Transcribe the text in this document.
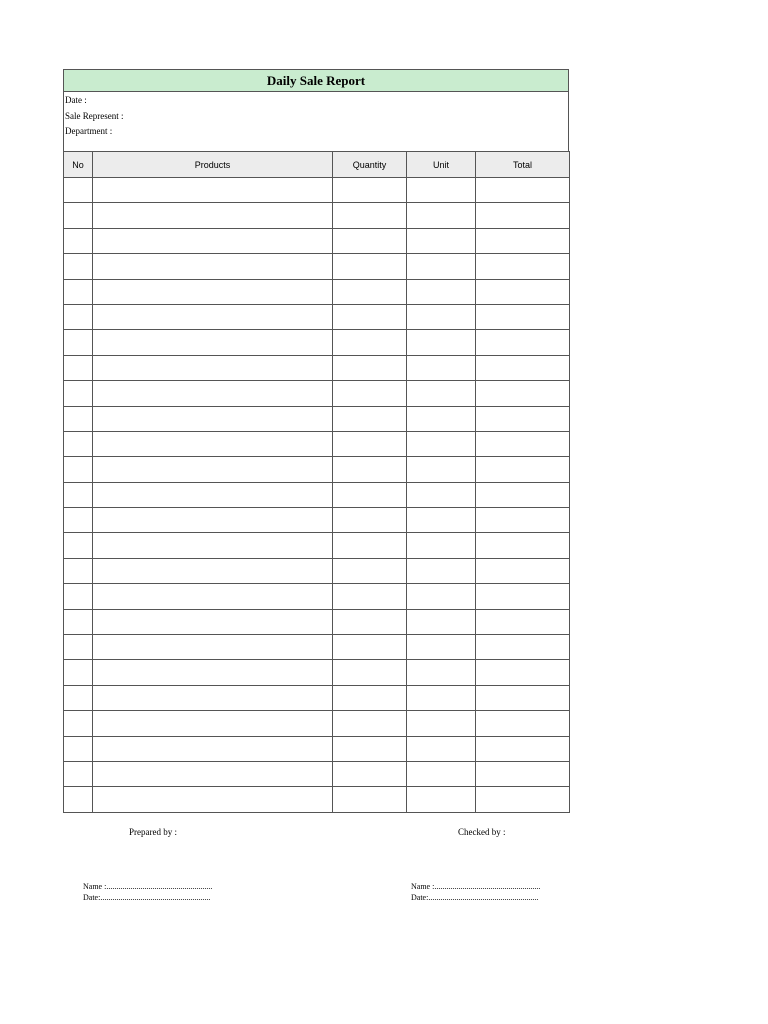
Daily Sale Report
Date :
Sale Represent :
Department :
No	Products	Quantity	Unit	Total

Prepared by :	Checked by :
Name :.....................................................
Date:.......................................................
Name :.....................................................
Date:.......................................................
